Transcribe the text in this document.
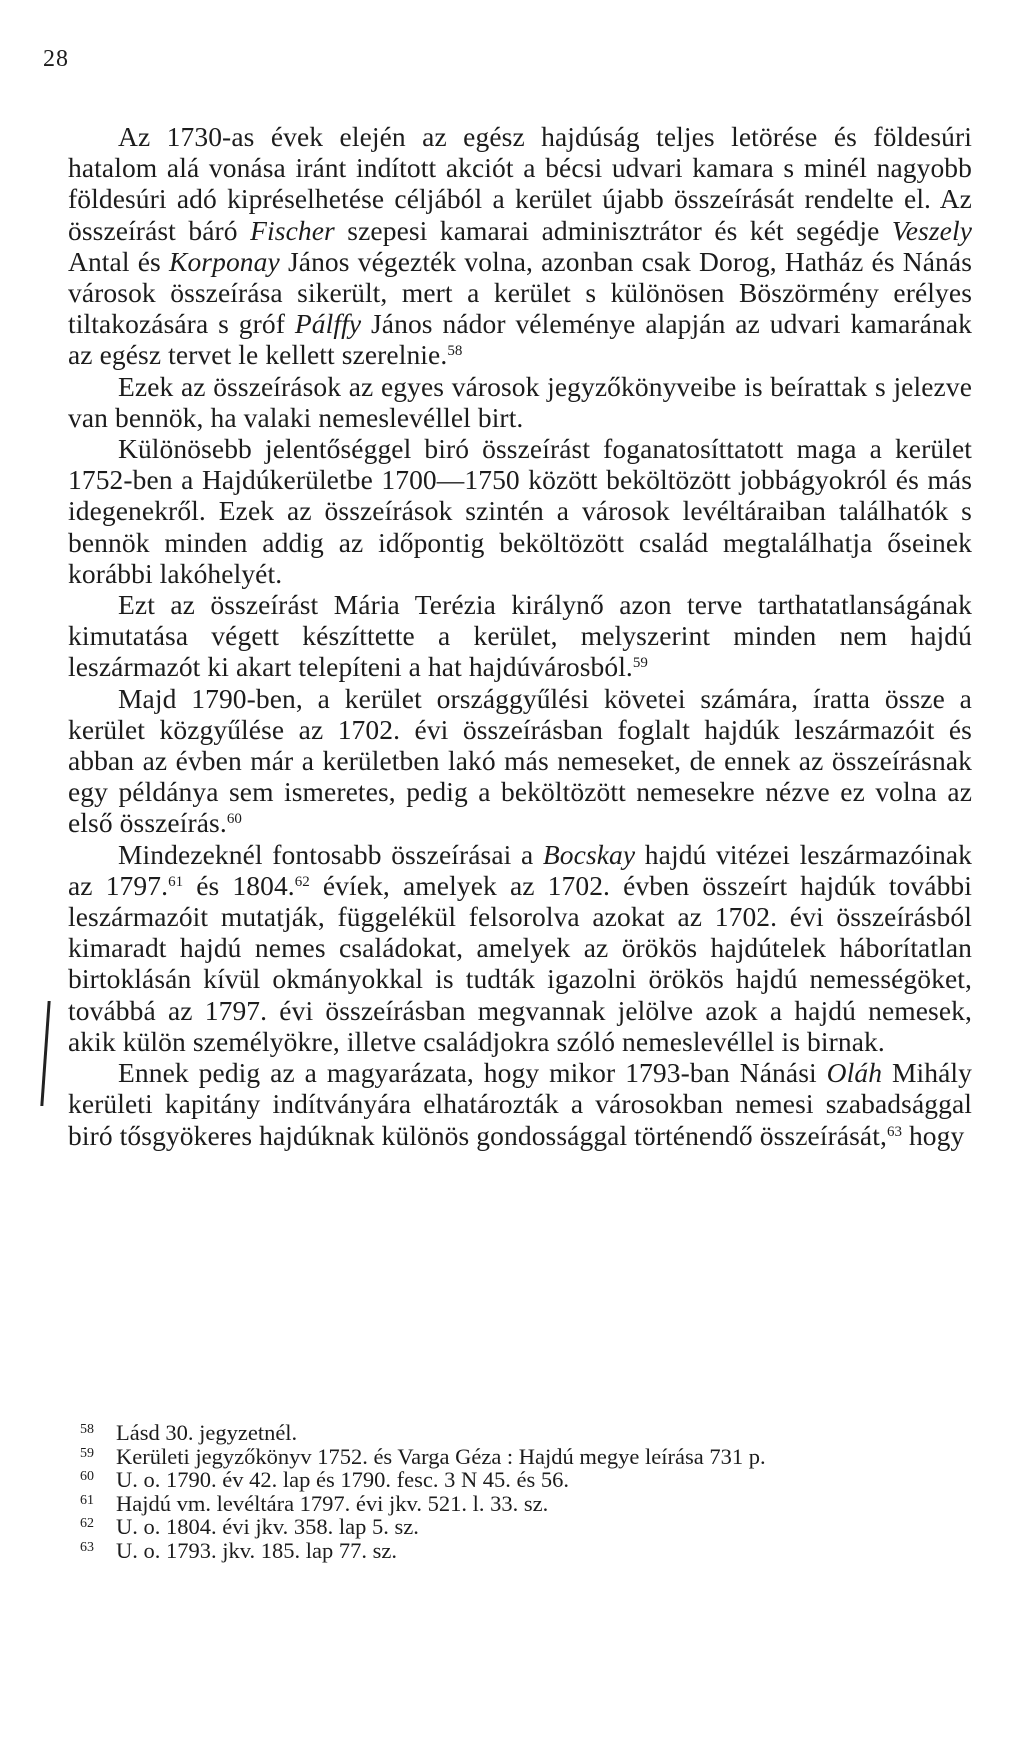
28

Az 1730-as évek elején az egész hajdúság teljes letörése és földesúri hatalom alá vonása iránt indított akciót a bécsi udvari kamara s minél nagyobb földesúri adó kipréselhetése céljából a kerület újabb összeírását rendelte el. Az összeírást báró Fischer szepesi kamarai adminisztrátor és két segédje Veszely Antal és Korponay János végezték volna, azonban csak Dorog, Hatház és Nánás városok összeírása sikerült, mert a kerület s különösen Böszörmény erélyes tiltakozására s gróf Pálffy János nádor véleménye alapján az udvari kamarának az egész tervet le kellett szerelnie.$^{58}$

Ezek az összeírások az egyes városok jegyzőkönyveibe is beírattak s jelezve van bennök, ha valaki nemeslevéllel birt.

Különösebb jelentőséggel biró összeírást foganatosíttatott maga a kerület 1752-ben a Hajdúkerületbe 1700—1750 között beköltözött jobbágyokról és más idegenekről. Ezek az összeírások szintén a városok levéltáraiban találhatók s bennök minden addig az időpontig beköltözött család megtalálhatja őseinek korábbi lakóhelyét.

Ezt az összeírást Mária Terézia királynő azon terve tarthatatlanságának kimutatása végett készíttette a kerület, melyszerint minden nem hajdú leszármazót ki akart telepíteni a hat hajdúvárosból.$^{59}$

Majd 1790-ben, a kerület országgyűlési követei számára, íratta össze a kerület közgyűlése az 1702. évi összeírásban foglalt hajdúk leszármazóit és abban az évben már a kerületben lakó más nemeseket, de ennek az összeírásnak egy példánya sem ismeretes, pedig a beköltözött nemesekre nézve ez volna az első összeírás.$^{60}$

Mindezeknél fontosabb összeírásai a Bocskay hajdú vitézei leszármazóinak az 1797.61 és 1804.62 évíek, amelyek az 1702. évben összeírt hajdúk további leszármazóit mutatják, függelékül felsorolva azokat az 1702. évi összeírásból kimaradt hajdú nemes családokat, amelyek az örökös hajdútelek háborítatlan birtoklásán kívül okmányokkal is tudták igazolni örökös hajdú nemességöket, továbbá az 1797. évi összeírásban megvannak jelölve azok a hajdú nemesek, akik külön személyökre, illetve családjokra szóló nemeslevéllel is birnak.

Ennek pedig az a magyarázata, hogy mikor 1793-ban Nánási Oláh Mihály kerületi kapitány indítványára elhatározták a városokban nemesi szabadsággal biró tősgyökeres hajdúknak különös gondossággal történendő összeírását,$^{63}$ hogy

58 Lásd 30. jegyzetnél.

59 Kerületi jegyzőkönyv 1752. és Varga Géza : Hajdú megye leírása 731 p.

60 U. o. 1790. év 42. lap és 1790. fesc. 3 N 45. és 56.

61 Hajdú vm. levéltára 1797. évi jkv. 521. l. 33. sz.

62 U. o. 1804. évi jkv. 358. lap 5. sz.

63 U. o. 1793. jkv. 185. lap 77. sz.
